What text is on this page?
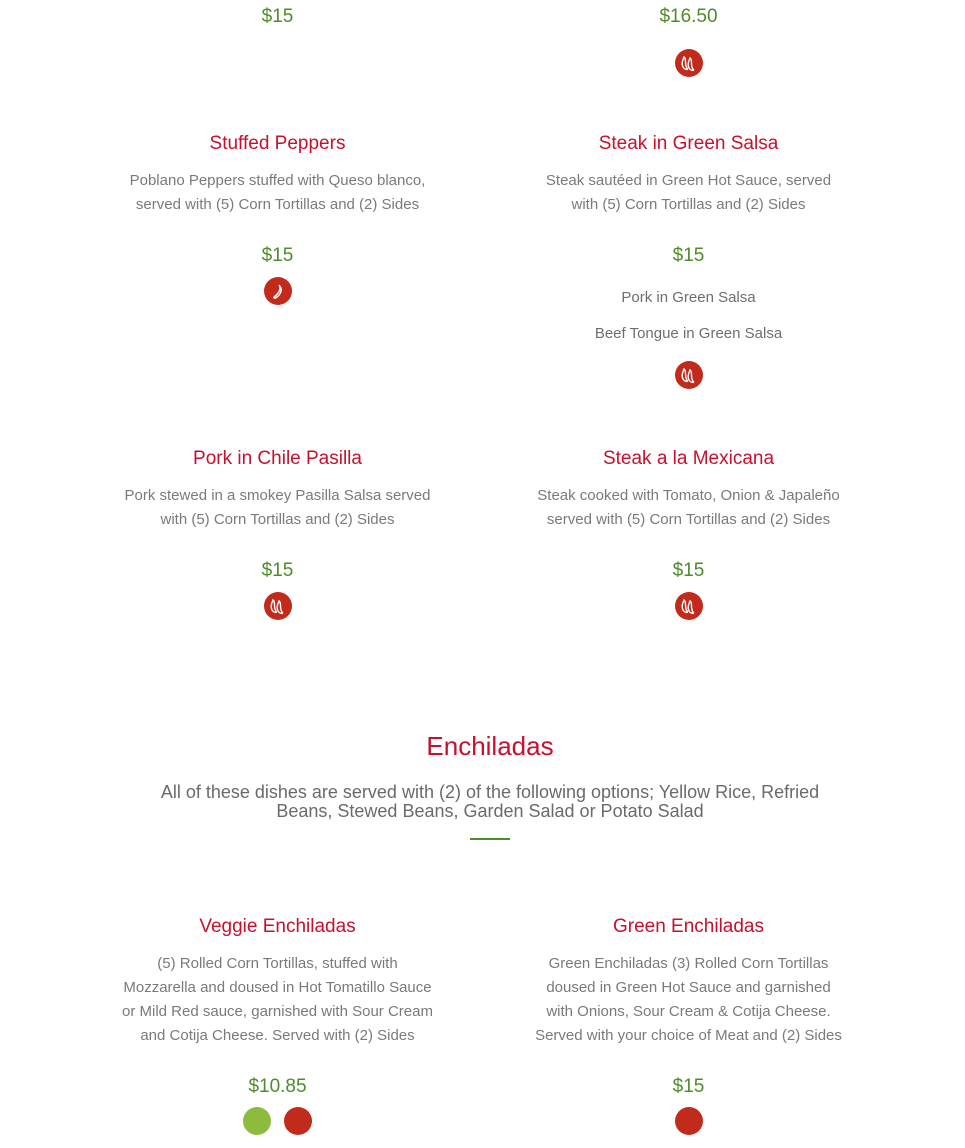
$15	$16.50
Stuffed Peppers

Poblano Peppers stuffed with Queso blanco, served with (5) Corn Tortillas and (2) Sides

$15
Steak in Green Salsa

Steak sautéed in Green Hot Sauce, served with (5) Corn Tortillas and (2) Sides

$15
Pork in Green Salsa
Beef Tongue in Green Salsa
Pork in Chile Pasilla

Pork stewed in a smokey Pasilla Salsa served with (5) Corn Tortillas and (2) Sides

$15
Steak a la Mexicana

Steak cooked with Tomato, Onion & Japaleño served with (5) Corn Tortillas and (2) Sides

$15
Enchiladas
All of these dishes are served with (2) of the following options; Yellow Rice, Refried Beans, Stewed Beans, Garden Salad or Potato Salad
Veggie Enchiladas

(5) Rolled Corn Tortillas, stuffed with Mozzarella and doused in Hot Tomatillo Sauce or Mild Red sauce, garnished with Sour Cream and Cotija Cheese. Served with (2) Sides

$10.85

Green Enchiladas

Green Enchiladas (3) Rolled Corn Tortillas doused in Green Hot Sauce and garnished with Onions, Sour Cream & Cotija Cheese. Served with your choice of Meat and (2) Sides

$15
